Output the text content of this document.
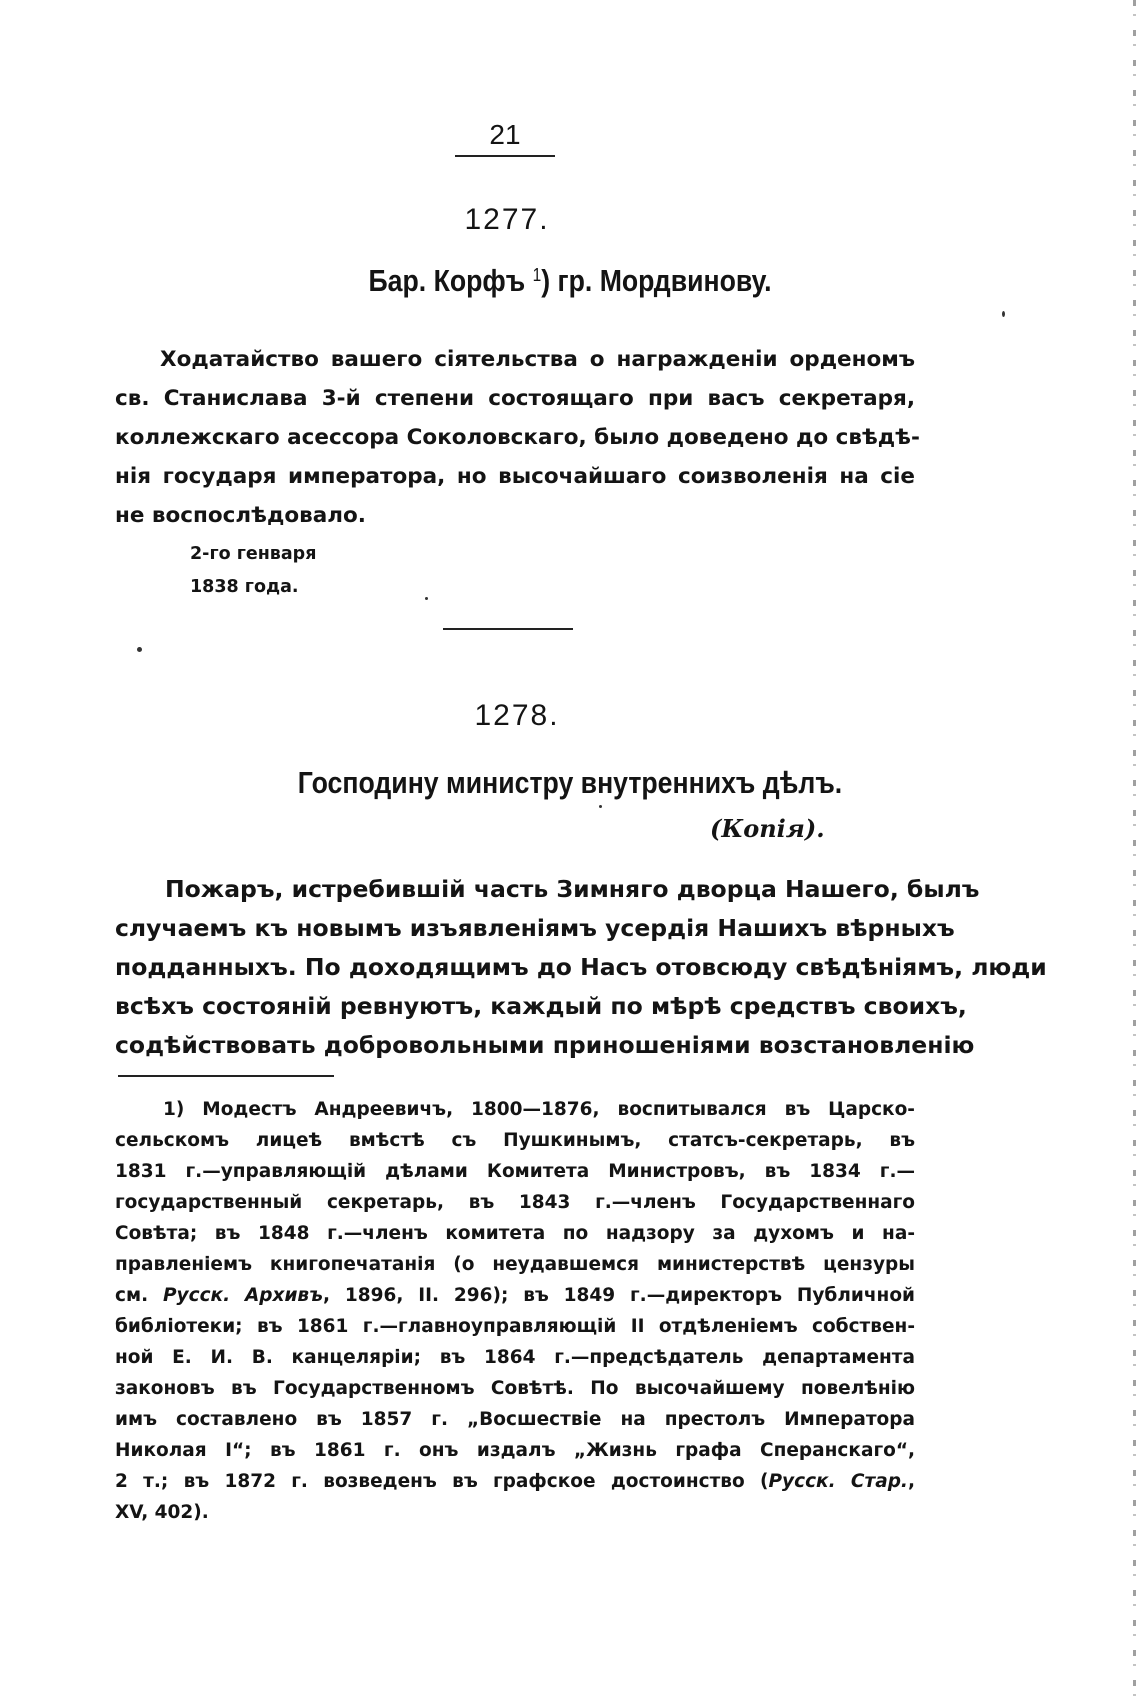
21
1277.
Бар. Корфъ $^1$) гр. Мордвинову.
Ходатайство вашего сіятельства о награжденіи орденомъ
св. Станислава 3-й степени состоящаго при васъ секретаря,
коллежскаго асессора Соколовскаго, было доведено до свѣдѣ-
нія государя императора, но высочайшаго соизволенія на сіе
не воспослѣдовало.
2-го генваря
1838 года.
1278.
Господину министру внутреннихъ дѣлъ.
(Копія).
Пожаръ, истребившій часть Зимняго дворца Нашего, былъ
случаемъ къ новымъ изъявленіямъ усердія Нашихъ вѣрныхъ
подданныхъ. По доходящимъ до Насъ отовсюду свѣдѣніямъ, люди
всѣхъ состояній ревнуютъ, каждый по мѣрѣ средствъ своихъ,
содѣйствовать добровольными приношеніями возстановленію
1) Модестъ Андреевичъ, 1800—1876, воспитывался въ Царско-
сельскомъ лицеѣ вмѣстѣ съ Пушкинымъ, статсъ-секретарь, въ
1831 г.—управляющій дѣлами Комитета Министровъ, въ 1834 г.—
государственный секретарь, въ 1843 г.—членъ Государственнаго
Совѣта; въ 1848 г.—членъ комитета по надзору за духомъ и на-
правленіемъ книгопечатанія (о неудавшемся министерствѣ цензуры
см. Русск. Архивъ, 1896, II. 296); въ 1849 г.—директоръ Публичной
библіотеки; въ 1861 г.—главноуправляющій II отдѣленіемъ собствен-
ной Е. И. В. канцеляріи; въ 1864 г.—предсѣдатель департамента
законовъ въ Государственномъ Совѣтѣ. По высочайшему повелѣнію
имъ составлено въ 1857 г. „Восшествіе на престолъ Императора
Николая I“; въ 1861 г. онъ издалъ „Жизнь графа Сперанскаго“,
2 т.; въ 1872 г. возведенъ въ графское достоинство (Русск. Стар.,
XV, 402).
